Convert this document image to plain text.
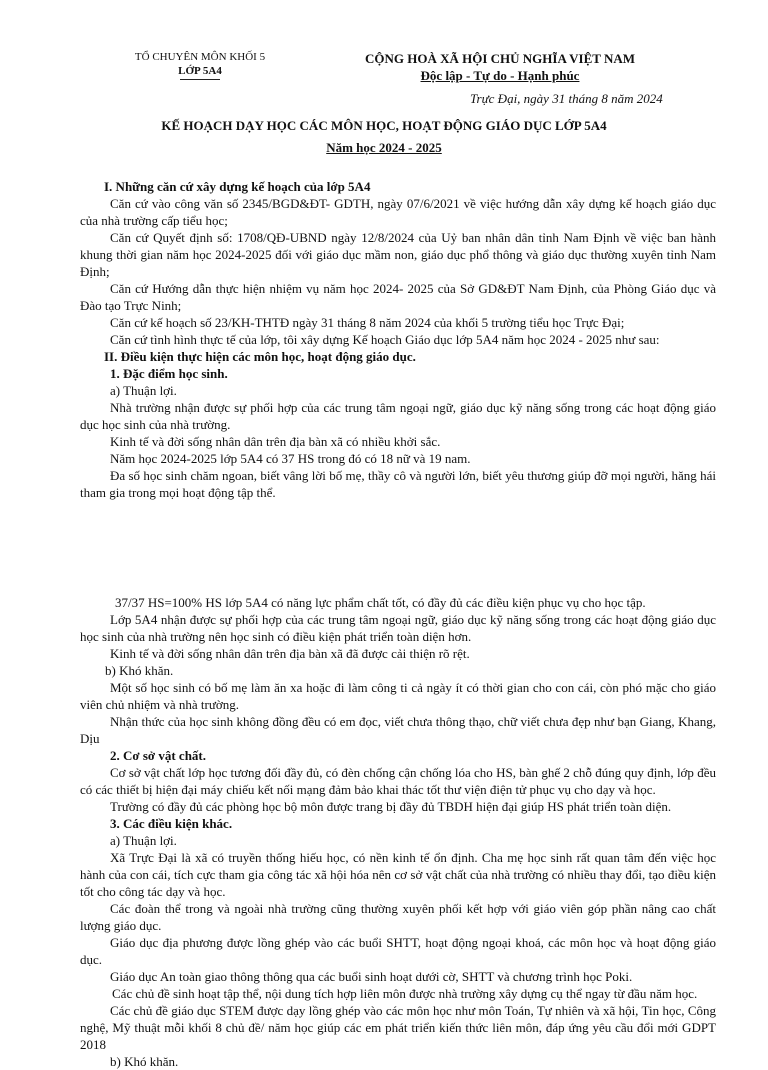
TỔ CHUYÊN MÔN KHỐI 5
LỚP 5A4
CỘNG HOÀ XÃ HỘI CHỦ NGHĨA VIỆT NAM
Độc lập - Tự do - Hạnh phúc
Trực Đại, ngày 31 tháng 8 năm 2024
KẾ HOẠCH DẠY HỌC CÁC MÔN HỌC, HOẠT ĐỘNG GIÁO DỤC LỚP 5A4
Năm học 2024 - 2025

I. Những căn cứ xây dựng kế hoạch của lớp 5A4

Căn cứ vào công văn số 2345/BGD&ĐT- GDTH, ngày 07/6/2021 về việc hướng dẫn xây dựng kế hoạch giáo dục của nhà trường cấp tiểu học;

Căn cứ Quyết định số: 1708/QĐ-UBND ngày 12/8/2024 của Uỷ ban nhân dân tỉnh Nam Định về việc ban hành khung thời gian năm học 2024-2025 đối với giáo dục mầm non, giáo dục phổ thông và giáo dục thường xuyên tỉnh Nam Định;

Căn cứ Hướng dẫn thực hiện nhiệm vụ năm học 2024- 2025 của Sở GD&ĐT Nam Định, của Phòng Giáo dục và Đào tạo Trực Ninh;

Căn cứ kế hoạch số 23/KH-THTĐ ngày 31 tháng 8 năm 2024 của khối 5 trường tiểu học Trực Đại;

Căn cứ tình hình thực tế của lớp, tôi xây dựng Kế hoạch Giáo dục lớp 5A4 năm học 2024 - 2025 như sau:

II. Điều kiện thực hiện các môn học, hoạt động giáo dục.

1. Đặc điểm học sinh.

a) Thuận lợi.

Nhà trường nhận được sự phối hợp của các trung tâm ngoại ngữ, giáo dục kỹ năng sống trong các hoạt động giáo dục học sinh của nhà trường.

Kinh tế và đời sống nhân dân trên địa bàn xã có nhiều khởi sắc.

Năm học 2024-2025 lớp 5A4 có 37 HS trong đó có 18 nữ và 19 nam.

Đa số học sinh chăm ngoan, biết vâng lời bố mẹ, thầy cô và người lớn, biết yêu thương giúp đỡ mọi người, hăng hái tham gia trong mọi hoạt động tập thể.

37/37 HS=100% HS lớp 5A4 có năng lực phẩm chất tốt, có đầy đủ các điều kiện phục vụ cho học tập.

Lớp 5A4 nhận được sự phối hợp của các trung tâm ngoại ngữ, giáo dục kỹ năng sống trong các hoạt động giáo dục học sinh của nhà trường nên học sinh có điều kiện phát triển toàn diện hơn.

Kinh tế và đời sống nhân dân trên địa bàn xã đã được cải thiện rõ rệt.

b) Khó khăn.

Một số học sinh có bố mẹ làm ăn xa hoặc đi làm công ti cả ngày ít có thời gian cho con cái, còn phó mặc cho giáo viên chủ nhiệm và nhà trường.

Nhận thức của học sinh không đồng đều có em đọc, viết chưa thông thạo, chữ viết chưa đẹp như bạn Giang, Khang, Dịu

2. Cơ sở vật chất.

Cơ sở vật chất lớp học tương đối đầy đủ, có đèn chống cận chống lóa cho HS, bàn ghế 2 chỗ đúng quy định, lớp đều có các thiết bị hiện đại máy chiếu kết nối mạng đảm bảo khai thác tốt thư viện điện tử phục vụ cho dạy và học.

Trường có đầy đủ các phòng học bộ môn được trang bị đầy đủ TBDH hiện đại giúp HS phát triển toàn diện.

3. Các điều kiện khác.

a) Thuận lợi.

Xã Trực Đại là xã có truyền thống hiếu học, có nền kinh tế ổn định. Cha mẹ học sinh rất quan tâm đến việc học hành của con cái, tích cực tham gia công tác xã hội hóa nên cơ sở vật chất của nhà trường có nhiều thay đổi, tạo điều kiện tốt cho công tác dạy và học.

Các đoàn thể trong và ngoài nhà trường cũng thường xuyên phối kết hợp với giáo viên góp phần nâng cao chất lượng giáo dục.

Giáo dục địa phương được lồng ghép vào các buổi SHTT, hoạt động ngoại khoá, các môn học và hoạt động giáo dục.

Giáo dục An toàn giao thông thông qua các buổi sinh hoạt dưới cờ, SHTT và chương trình học Poki.

Các chủ đề sinh hoạt tập thể, nội dung tích hợp liên môn được nhà trường xây dựng cụ thể ngay từ đầu năm học.

Các chủ đề giáo dục STEM được dạy lồng ghép vào các môn học như môn Toán, Tự nhiên và xã hội, Tin học, Công nghệ, Mỹ thuật mỗi khối 8 chủ đề/ năm học giúp các em phát triển kiến thức liên môn, đáp ứng yêu cầu đổi mới GDPT 2018

b) Khó khăn.
